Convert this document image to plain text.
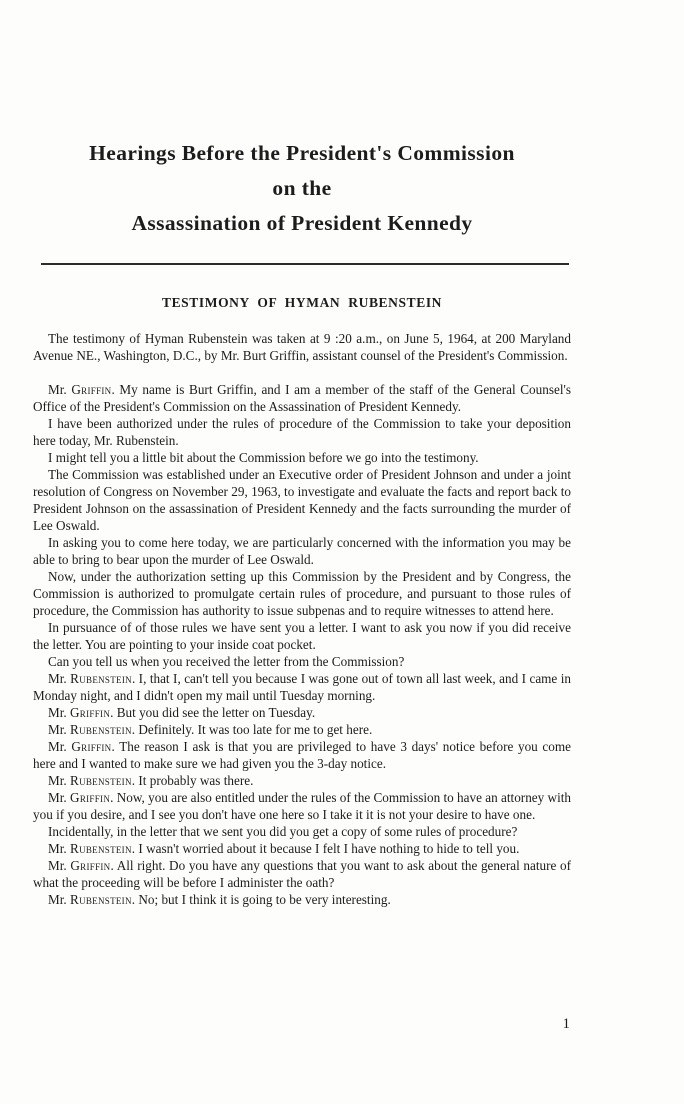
Hearings Before the President's Commission
on the
Assassination of President Kennedy
TESTIMONY OF HYMAN RUBENSTEIN

The testimony of Hyman Rubenstein was taken at 9 :20 a.m., on June 5, 1964, at 200 Maryland Avenue NE., Washington, D.C., by Mr. Burt Griffin, assistant counsel of the President's Commission.

Mr. Griffin. My name is Burt Griffin, and I am a member of the staff of the General Counsel's Office of the President's Commission on the Assassination of President Kennedy.

I have been authorized under the rules of procedure of the Commission to take your deposition here today, Mr. Rubenstein.

I might tell you a little bit about the Commission before we go into the testimony.

The Commission was established under an Executive order of President Johnson and under a joint resolution of Congress on November 29, 1963, to investigate and evaluate the facts and report back to President Johnson on the assassination of President Kennedy and the facts surrounding the murder of Lee Oswald.

In asking you to come here today, we are particularly concerned with the information you may be able to bring to bear upon the murder of Lee Oswald.

Now, under the authorization setting up this Commission by the President and by Congress, the Commission is authorized to promulgate certain rules of procedure, and pursuant to those rules of procedure, the Commission has authority to issue subpenas and to require witnesses to attend here.

In pursuance of of those rules we have sent you a letter. I want to ask you now if you did receive the letter. You are pointing to your inside coat pocket.

Can you tell us when you received the letter from the Commission?

Mr. Rubenstein. I, that I, can't tell you because I was gone out of town all last week, and I came in Monday night, and I didn't open my mail until Tuesday morning.

Mr. Griffin. But you did see the letter on Tuesday.

Mr. Rubenstein. Definitely. It was too late for me to get here.

Mr. Griffin. The reason I ask is that you are privileged to have 3 days' notice before you come here and I wanted to make sure we had given you the 3-day notice.

Mr. Rubenstein. It probably was there.

Mr. Griffin. Now, you are also entitled under the rules of the Commission to have an attorney with you if you desire, and I see you don't have one here so I take it it is not your desire to have one.

Incidentally, in the letter that we sent you did you get a copy of some rules of procedure?

Mr. Rubenstein. I wasn't worried about it because I felt I have nothing to hide to tell you.

Mr. Griffin. All right. Do you have any questions that you want to ask about the general nature of what the proceeding will be before I administer the oath?

Mr. Rubenstein. No; but I think it is going to be very interesting.

1
